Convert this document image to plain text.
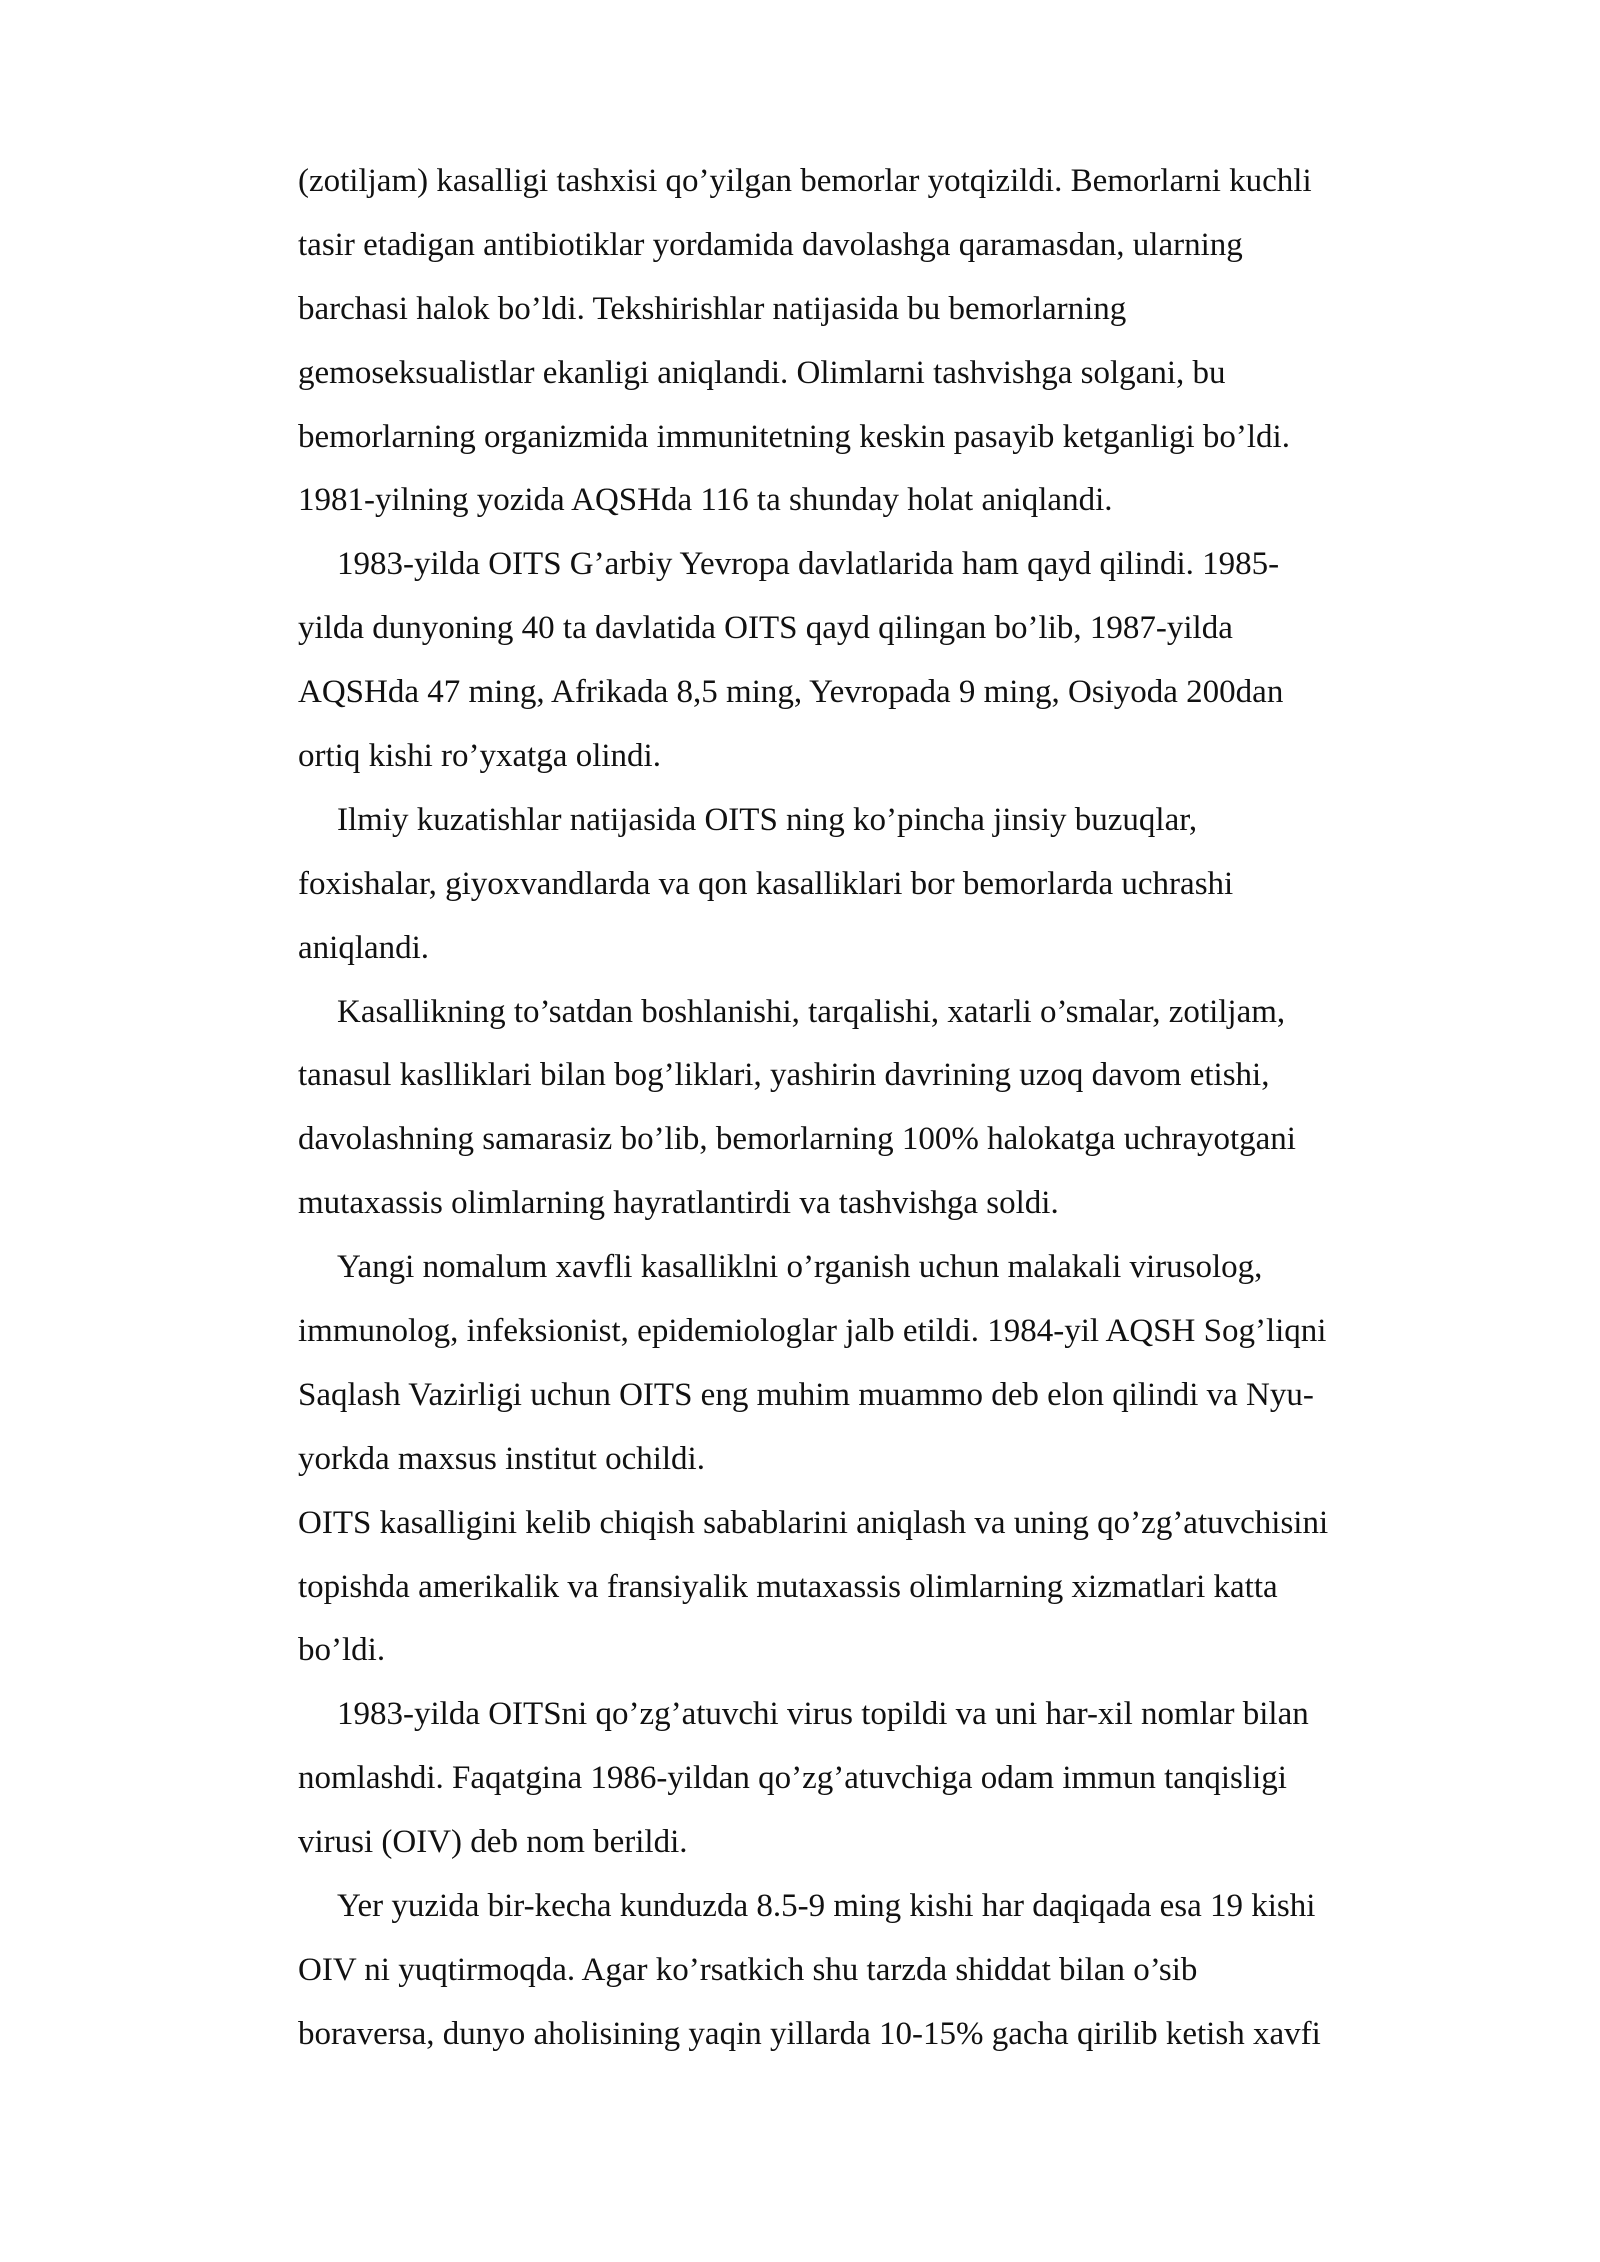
(zotiljam) kasalligi tashxisi qo’yilgan bemorlar yotqizildi. Bemorlarni kuchli
tasir etadigan antibiotiklar yordamida davolashga qaramasdan, ularning
barchasi halok bo’ldi. Tekshirishlar natijasida bu bemorlarning
gemoseksualistlar ekanligi aniqlandi. Olimlarni tashvishga solgani, bu
bemorlarning organizmida immunitetning keskin pasayib ketganligi bo’ldi.
1981-yilning yozida AQSHda 116 ta shunday holat aniqlandi.
1983-yilda OITS G’arbiy Yevropa davlatlarida ham qayd qilindi. 1985-
yilda dunyoning 40 ta davlatida OITS qayd qilingan bo’lib, 1987-yilda
AQSHda 47 ming, Afrikada 8,5 ming, Yevropada 9 ming, Osiyoda 200dan
ortiq kishi ro’yxatga olindi.
Ilmiy kuzatishlar natijasida OITS ning ko’pincha jinsiy buzuqlar,
foxishalar, giyoxvandlarda va qon kasalliklari bor bemorlarda uchrashi
aniqlandi.
Kasallikning to’satdan boshlanishi, tarqalishi, xatarli o’smalar, zotiljam,
tanasul kaslliklari bilan bog’liklari, yashirin davrining uzoq davom etishi,
davolashning samarasiz bo’lib, bemorlarning 100% halokatga uchrayotgani
mutaxassis olimlarning hayratlantirdi va tashvishga soldi.
Yangi nomalum xavfli kasalliklni o’rganish uchun malakali virusolog,
immunolog, infeksionist, epidemiologlar jalb etildi. 1984-yil AQSH Sog’liqni
Saqlash Vazirligi uchun OITS eng muhim muammo deb elon qilindi va Nyu-
yorkda maxsus institut ochildi.
OITS kasalligini kelib chiqish sabablarini aniqlash va uning qo’zg’atuvchisini
topishda amerikalik va fransiyalik mutaxassis olimlarning xizmatlari katta
bo’ldi.
1983-yilda OITSni qo’zg’atuvchi virus topildi va uni har-xil nomlar bilan
nomlashdi. Faqatgina 1986-yildan qo’zg’atuvchiga odam immun tanqisligi
virusi (OIV) deb nom berildi.
Yer yuzida bir-kecha kunduzda 8.5-9 ming kishi har daqiqada esa 19 kishi
OIV ni yuqtirmoqda. Agar ko’rsatkich shu tarzda shiddat bilan o’sib
boraversa, dunyo aholisining yaqin yillarda 10-15% gacha qirilib ketish xavfi
